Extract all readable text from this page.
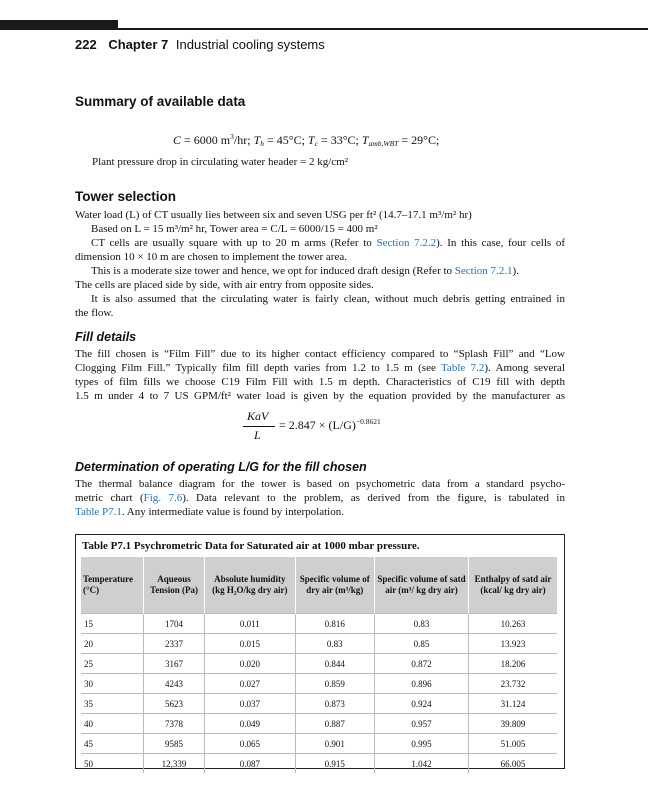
222 Chapter 7 Industrial cooling systems
Summary of available data
C = 6000 $m^3/hr$; $T_h = 45^\circ C$; $T_c = 33^\circ C$; $T_{amb,WBT} = 29^\circ C$;
Plant pressure drop in circulating water header = 2 kg/cm²
Tower selection
Water load (L) of CT usually lies between six and seven USG per ft² (14.7–17.1 m³/m² hr)
Based on L = 15 m³/m² hr, Tower area = C/L = 6000/15 = 400 m²
CT cells are usually square with up to 20 m arms (Refer to Section 7.2.2). In this case, four cells of
dimension 10 × 10 m are chosen to implement the tower area.
This is a moderate size tower and hence, we opt for induced draft design (Refer to Section 7.2.1).
The cells are placed side by side, with air entry from opposite sides.
It is also assumed that the circulating water is fairly clean, without much debris getting entrained in
the flow.
Fill details
The fill chosen is “Film Fill” due to its higher contact efficiency compared to “Splash Fill” and “Low
Clogging Film Fill.” Typically film fill depth varies from 1.2 to 1.5 m (see Table 7.2). Among several
types of film fills we choose C19 Film Fill with 1.5 m depth. Characteristics of C19 fill with depth
1.5 m under 4 to 7 US GPM/ft² water load is given by the equation provided by the manufacturer as
KaV
L
= $2.847 \times (L/G)^{-0.8621}$
Determination of operating L/G for the fill chosen
The thermal balance diagram for the tower is based on psychometric data from a standard psycho-
metric chart (Fig. 7.6). Data relevant to the problem, as derived from the figure, is tabulated in
Table P7.1. Any intermediate value is found by interpolation.
Table P7.1 Psychrometric Data for Saturated air at 1000 mbar pressure.
Temperature (°C)	Aqueous Tension (Pa)	Absolute humidity (kg H₂O/kg dry air)	Specific volume of dry air (m³/kg)	Specific volume of satd air (m³/ kg dry air)	Enthalpy of satd air (kcal/ kg dry air)
15	1704	0.011	0.816	0.83	10.263
20	2337	0.015	0.83	0.85	13.923
25	3167	0.020	0.844	0.872	18.206
30	4243	0.027	0.859	0.896	23.732
35	5623	0.037	0.873	0.924	31.124
40	7378	0.049	0.887	0.957	39.809
45	9585	0.065	0.901	0.995	51.005
50	12,339	0.087	0.915	1.042	66.005
